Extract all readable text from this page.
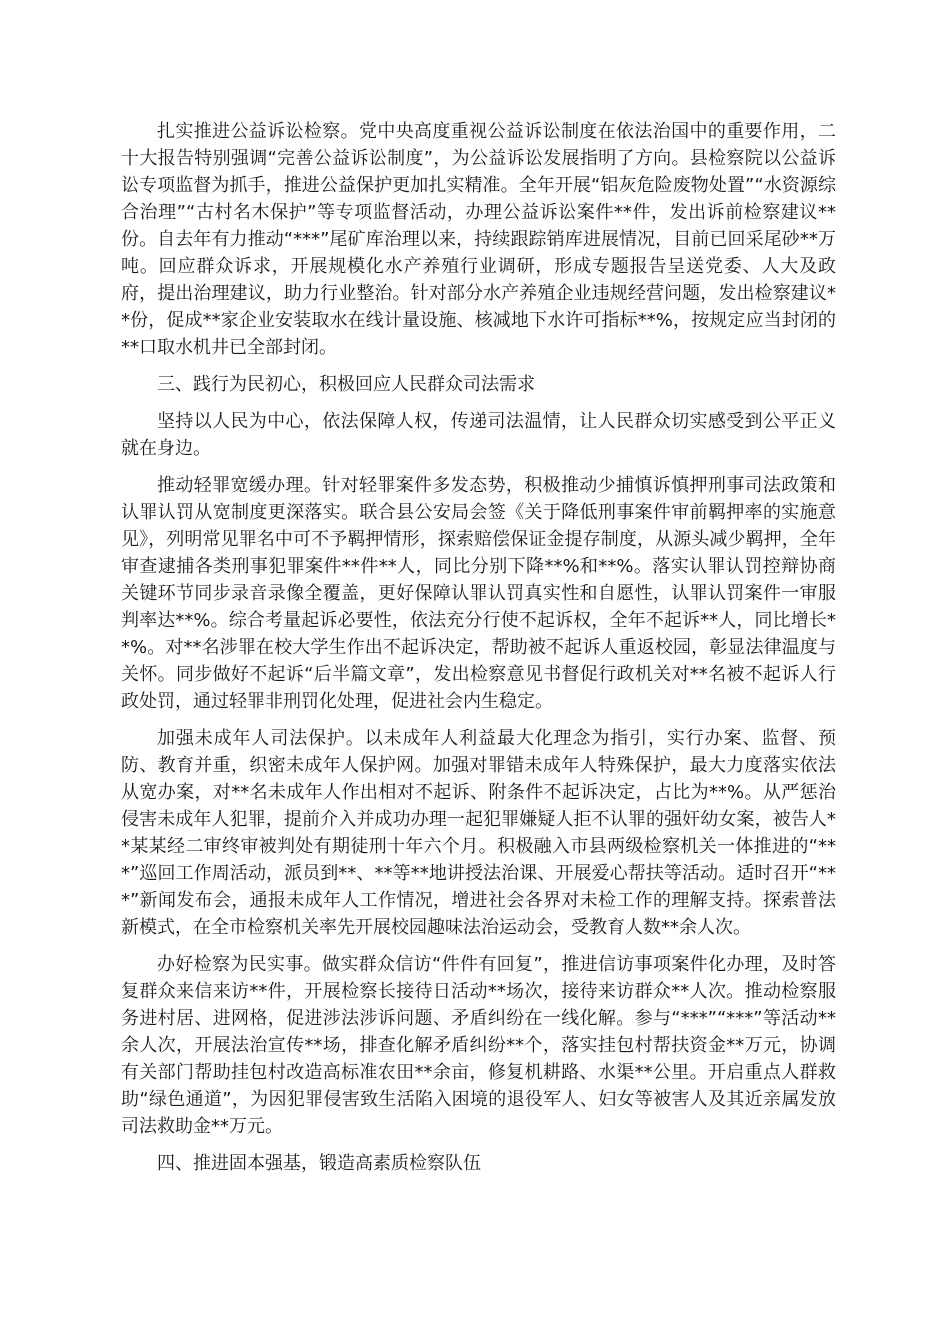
扎实推进公益诉讼检察。党中央高度重视公益诉讼制度在依法治国中的重要作用，二十大报告特别强调“完善公益诉讼制度”，为公益诉讼发展指明了方向。县检察院以公益诉讼专项监督为抓手，推进公益保护更加扎实精准。全年开展“铝灰危险废物处置”“水资源综合治理”“古村名木保护”等专项监督活动，办理公益诉讼案件**件，发出诉前检察建议**份。自去年有力推动“***”尾矿库治理以来，持续跟踪销库进展情况，目前已回采尾砂**万吨。回应群众诉求，开展规模化水产养殖行业调研，形成专题报告呈送党委、人大及政府，提出治理建议，助力行业整治。针对部分水产养殖企业违规经营问题，发出检察建议**份，促成**家企业安装取水在线计量设施、核减地下水许可指标**%，按规定应当封闭的**口取水机井已全部封闭。

三、践行为民初心，积极回应人民群众司法需求

坚持以人民为中心，依法保障人权，传递司法温情，让人民群众切实感受到公平正义就在身边。

推动轻罪宽缓办理。针对轻罪案件多发态势，积极推动少捕慎诉慎押刑事司法政策和认罪认罚从宽制度更深落实。联合县公安局会签《关于降低刑事案件审前羁押率的实施意见》，列明常见罪名中可不予羁押情形，探索赔偿保证金提存制度，从源头减少羁押，全年审查逮捕各类刑事犯罪案件**件**人，同比分别下降**%和**%。落实认罪认罚控辩协商关键环节同步录音录像全覆盖，更好保障认罪认罚真实性和自愿性，认罪认罚案件一审服判率达**%。综合考量起诉必要性，依法充分行使不起诉权，全年不起诉**人，同比增长**%。对**名涉罪在校大学生作出不起诉决定，帮助被不起诉人重返校园，彰显法律温度与关怀。同步做好不起诉“后半篇文章”，发出检察意见书督促行政机关对**名被不起诉人行政处罚，通过轻罪非刑罚化处理，促进社会内生稳定。

加强未成年人司法保护。以未成年人利益最大化理念为指引，实行办案、监督、预防、教育并重，织密未成年人保护网。加强对罪错未成年人特殊保护，最大力度落实依法从宽办案，对**名未成年人作出相对不起诉、附条件不起诉决定，占比为**%。从严惩治侵害未成年人犯罪，提前介入并成功办理一起犯罪嫌疑人拒不认罪的强奸幼女案，被告人**某某经二审终审被判处有期徒刑十年六个月。积极融入市县两级检察机关一体推进的“***”巡回工作周活动，派员到**、**等**地讲授法治课、开展爱心帮扶等活动。适时召开“***”新闻发布会，通报未成年人工作情况，增进社会各界对未检工作的理解支持。探索普法新模式，在全市检察机关率先开展校园趣味法治运动会，受教育人数**余人次。

办好检察为民实事。做实群众信访“件件有回复”，推进信访事项案件化办理，及时答复群众来信来访**件，开展检察长接待日活动**场次，接待来访群众**人次。推动检察服务进村居、进网格，促进涉法涉诉问题、矛盾纠纷在一线化解。参与“***”“***”等活动**余人次，开展法治宣传**场，排查化解矛盾纠纷**个，落实挂包村帮扶资金**万元，协调有关部门帮助挂包村改造高标准农田**余亩，修复机耕路、水渠**公里。开启重点人群救助“绿色通道”，为因犯罪侵害致生活陷入困境的退役军人、妇女等被害人及其近亲属发放司法救助金**万元。

四、推进固本强基，锻造高素质检察队伍
